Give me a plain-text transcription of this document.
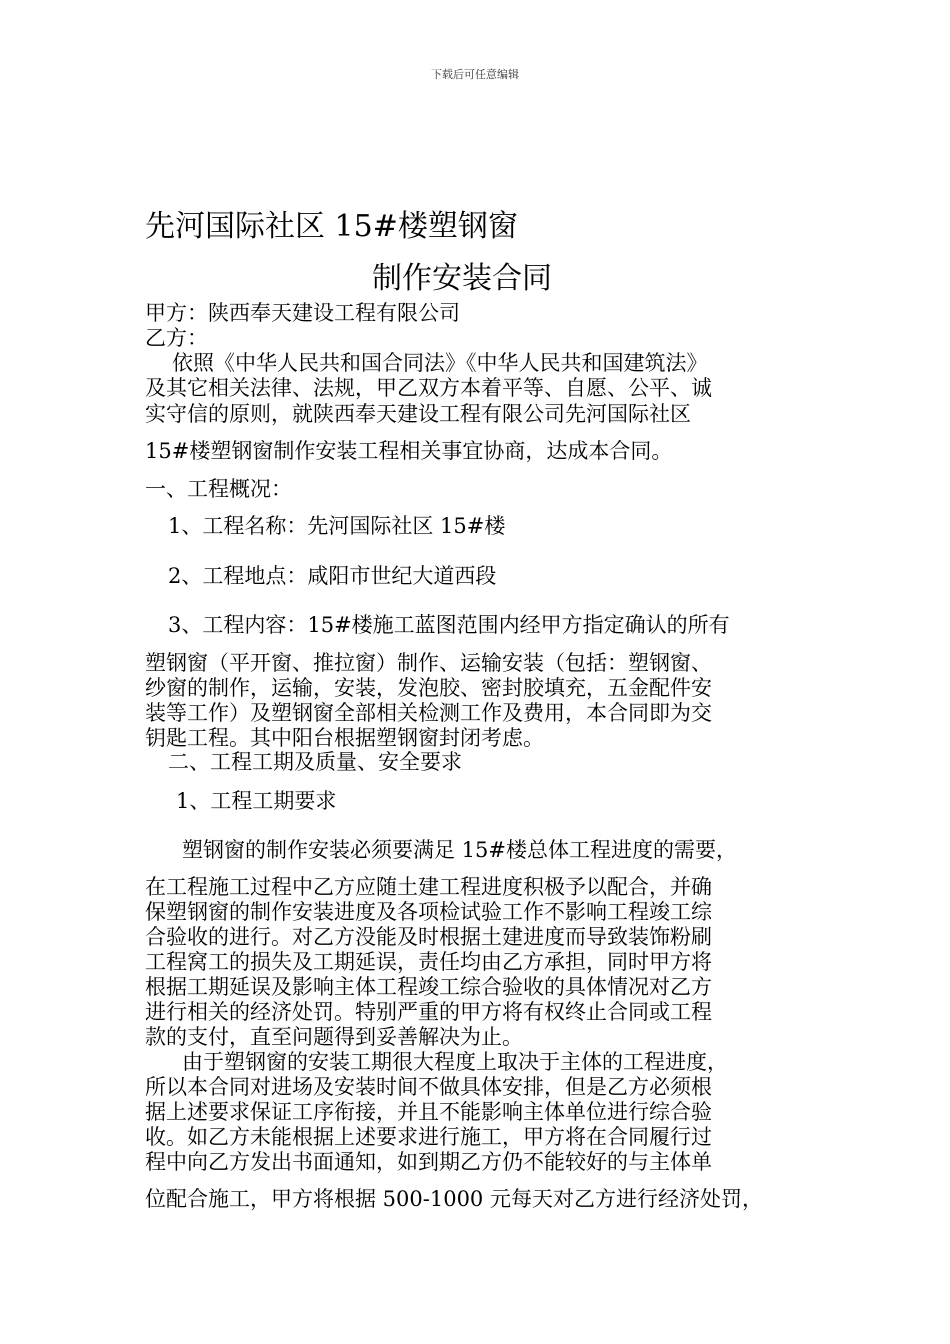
下载后可任意编辑
先河国际社区 15#楼塑钢窗
制作安装合同
甲方：陕西奉天建设工程有限公司
乙方：
依照《中华人民共和国合同法》《中华人民共和国建筑法》
及其它相关法律、法规，甲乙双方本着平等、自愿、公平、诚
实守信的原则，就陕西奉天建设工程有限公司先河国际社区
15#楼塑钢窗制作安装工程相关事宜协商，达成本合同。
一、工程概况：
1、工程名称：先河国际社区 15#楼
2、工程地点：咸阳市世纪大道西段
3、工程内容：15#楼施工蓝图范围内经甲方指定确认的所有
塑钢窗（平开窗、推拉窗）制作、运输安装（包括：塑钢窗、
纱窗的制作，运输，安装，发泡胶、密封胶填充，五金配件安
装等工作）及塑钢窗全部相关检测工作及费用，本合同即为交
钥匙工程。其中阳台根据塑钢窗封闭考虑。
二、工程工期及质量、安全要求
1、工程工期要求
塑钢窗的制作安装必须要满足 15#楼总体工程进度的需要，
在工程施工过程中乙方应随土建工程进度积极予以配合，并确
保塑钢窗的制作安装进度及各项检试验工作不影响工程竣工综
合验收的进行。对乙方没能及时根据土建进度而导致装饰粉刷
工程窝工的损失及工期延误，责任均由乙方承担，同时甲方将
根据工期延误及影响主体工程竣工综合验收的具体情况对乙方
进行相关的经济处罚。特别严重的甲方将有权终止合同或工程
款的支付，直至问题得到妥善解决为止。
由于塑钢窗的安装工期很大程度上取决于主体的工程进度，
所以本合同对进场及安装时间不做具体安排，但是乙方必须根
据上述要求保证工序衔接，并且不能影响主体单位进行综合验
收。如乙方未能根据上述要求进行施工，甲方将在合同履行过
程中向乙方发出书面通知，如到期乙方仍不能较好的与主体单
位配合施工，甲方将根据 500-1000 元每天对乙方进行经济处罚，
